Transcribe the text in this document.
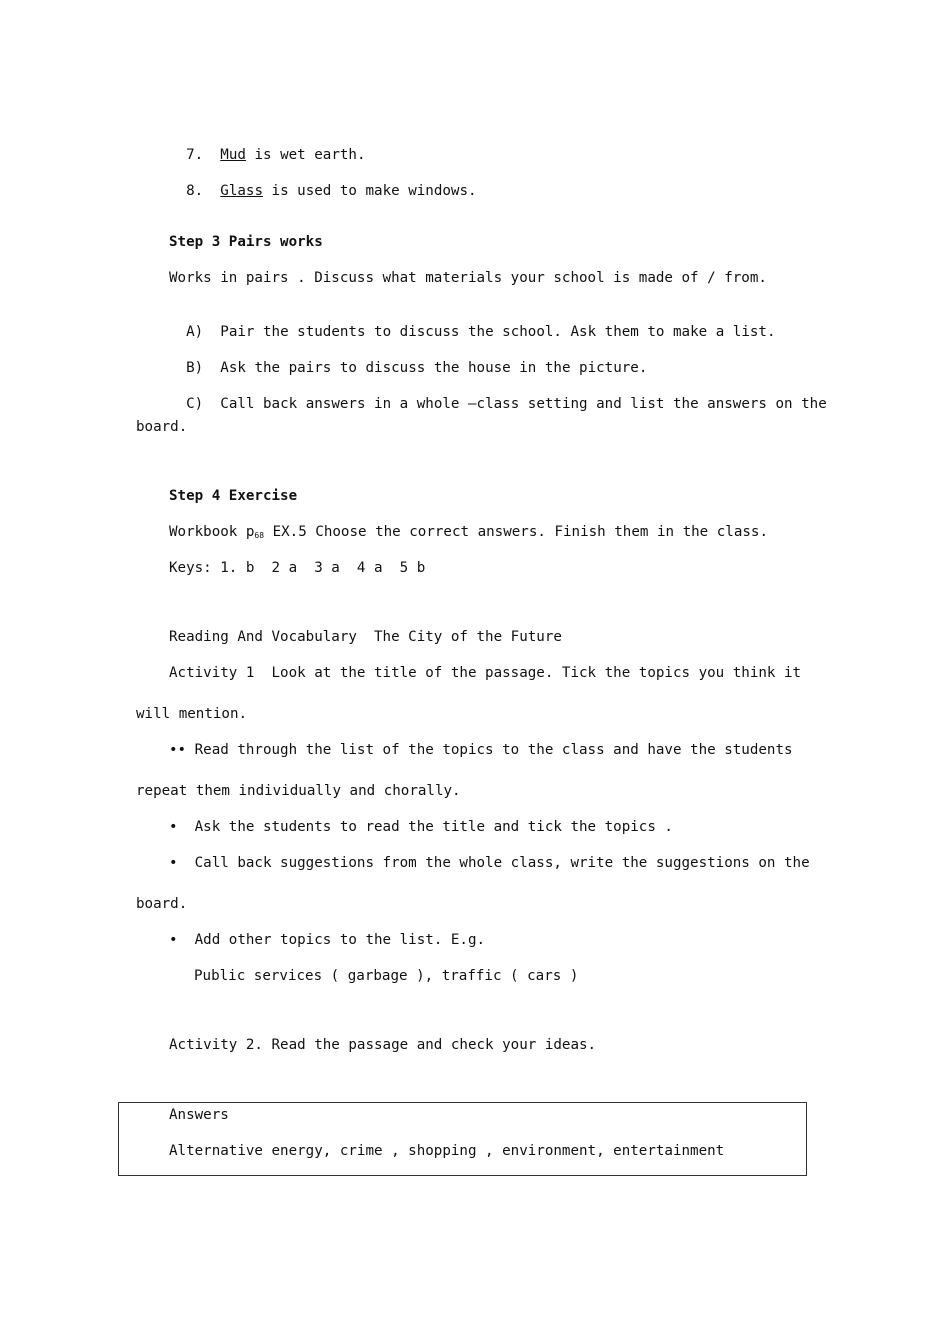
7. Mud is wet earth.

8. Glass is used to make windows.

Step 3 Pairs works
Works in pairs . Discuss what materials your school is made of / from.

A) Pair the students to discuss the school. Ask them to make a list.

B) Ask the pairs to discuss the house in the picture.

C) Call back answers in a whole –class setting and list the answers on the

board.
Step 4 Exercise
Workbook $p_{68}$ EX.5 Choose the correct answers. Finish them in the class.
Keys: 1. b  2 a  3 a  4 a  5 b
Reading And Vocabulary  The City of the Future
Activity 1  Look at the title of the passage. Tick the topics you think it
will mention.
•• Read through the list of the topics to the class and have the students
repeat them individually and chorally.
•  Ask the students to read the title and tick the topics .
•  Call back suggestions from the whole class, write the suggestions on the
board.
•  Add other topics to the list. E.g.
Public services ( garbage ), traffic ( cars )
Activity 2. Read the passage and check your ideas.
Answers
Alternative energy, crime , shopping , environment, entertainment
